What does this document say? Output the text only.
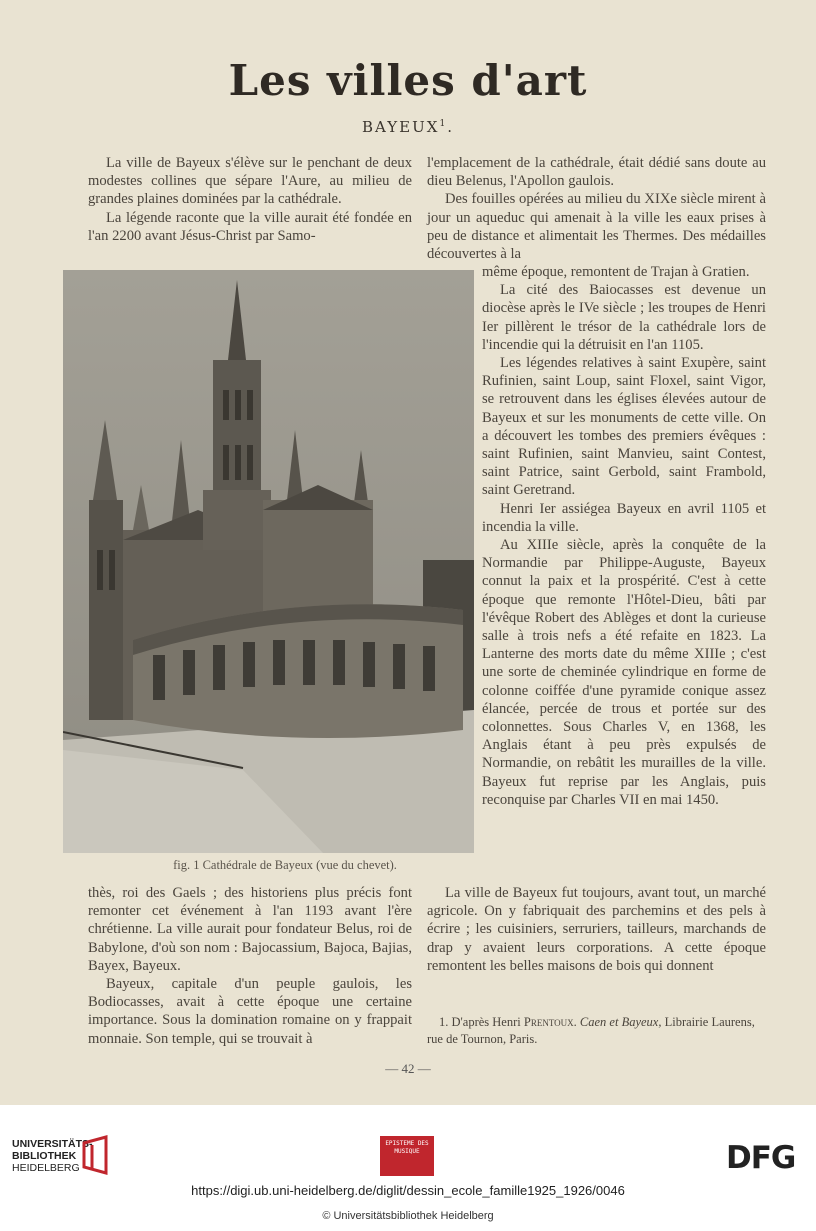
Les villes d'art
BAYEUX$^1$.

La ville de Bayeux s'élève sur le penchant de deux modestes collines que sépare l'Aure, au milieu de grandes plaines dominées par la cathédrale.

La légende raconte que la ville aurait été fondée en l'an 2200 avant Jésus-Christ par Samo-

l'emplacement de la cathédrale, était dédié sans doute au dieu Belenus, l'Apollon gaulois.

Des fouilles opérées au milieu du XIXe siècle mirent à jour un aqueduc qui amenait à la ville les eaux prises à peu de distance et alimentait les Thermes. Des médailles découvertes à la

même époque, remontent de Trajan à Gratien.

La cité des Baiocasses est devenue un diocèse après le IVe siècle ; les troupes de Henri Ier pillèrent le trésor de la cathédrale lors de l'incendie qui la détruisit en l'an 1105.

Les légendes relatives à saint Exupère, saint Rufinien, saint Loup, saint Floxel, saint Vigor, se retrouvent dans les églises élevées autour de Bayeux et sur les monuments de cette ville. On a découvert les tombes des premiers évêques : saint Rufinien, saint Manvieu, saint Contest, saint Patrice, saint Gerbold, saint Frambold, saint Geretrand.

Henri Ier assiégea Bayeux en avril 1105 et incendia la ville.

Au XIIIe siècle, après la conquête de la Normandie par Philippe-Auguste, Bayeux connut la paix et la prospérité. C'est à cette époque que remonte l'Hôtel-Dieu, bâti par l'évêque Robert des Ablèges et dont la curieuse salle à trois nefs a été refaite en 1823. La Lanterne des morts date du même XIIIe ; c'est une sorte de cheminée cylindrique en forme de colonne coiffée d'une pyramide conique assez élancée, percée de trous et portée sur des colonnettes. Sous Charles V, en 1368, les Anglais étant à peu près expulsés de Normandie, on rebâtit les murailles de la ville. Bayeux fut reprise par les Anglais, puis reconquise par Charles VII en mai 1450.

fig. 1 Cathédrale de Bayeux (vue du chevet).

thès, roi des Gaels ; des historiens plus précis font remonter cet événement à l'an 1193 avant l'ère chrétienne. La ville aurait pour fondateur Belus, roi de Babylone, d'où son nom : Bajocassium, Bajoca, Bajias, Bayex, Bayeux.

Bayeux, capitale d'un peuple gaulois, les Bodiocasses, avait à cette époque une certaine importance. Sous la domination romaine on y frappait monnaie. Son temple, qui se trouvait à

La ville de Bayeux fut toujours, avant tout, un marché agricole. On y fabriquait des parchemins et des pels à écrire ; les cuisiniers, serruriers, tailleurs, marchands de drap y avaient leurs corporations. A cette époque remontent les belles maisons de bois qui donnent

1. D'après Henri Prentoux. Caen et Bayeux, Librairie Laurens, rue de Tournon, Paris.

— 42 —
UNIVERSITÄTS-
BIBLIOTHEK
HEIDELBERG
EPISTEME DES MUSIQUE	DFG
https://digi.ub.uni-heidelberg.de/diglit/dessin_ecole_famille1925_1926/0046
© Universitätsbibliothek Heidelberg
